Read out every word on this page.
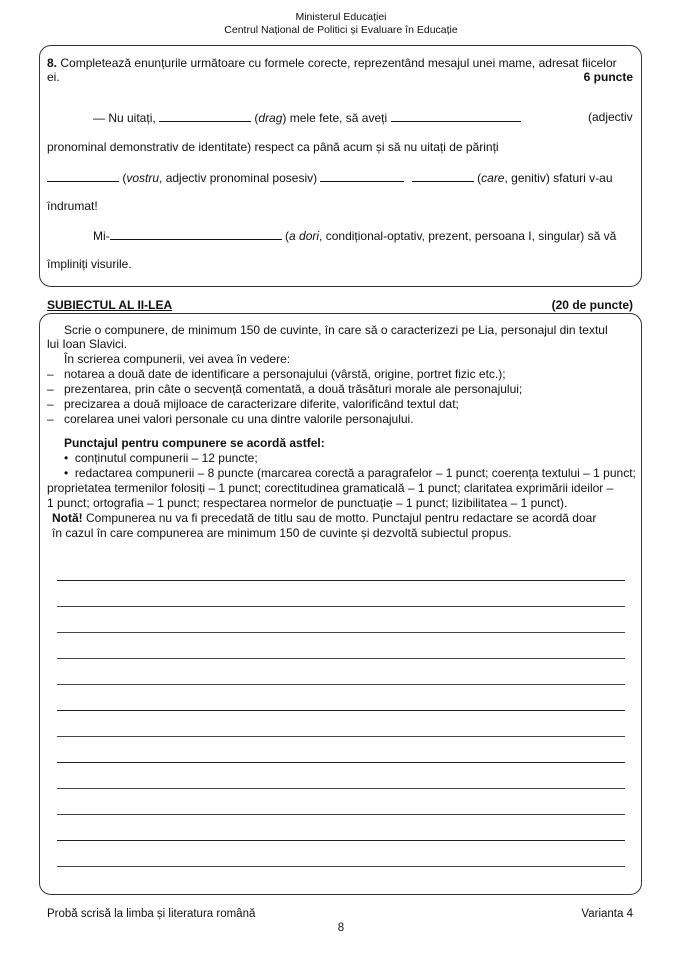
Ministerul Educației
Centrul Național de Politici și Evaluare în Educație
8. Completează enunțurile următoare cu formele corecte, reprezentând mesajul unei mame, adresat fiicelor
ei.	6 puncte
— Nu uitați,	(drag) mele fete, să aveți	(adjectiv
pronominal demonstrativ de identitate) respect ca până acum și să nu uitați de părinți
(vostru, adjectiv pronominal posesiv)	(care, genitiv) sfaturi v-au
îndrumat!
Mi-	(a dori, condițional-optativ, prezent, persoana I, singular) să vă
împliniți visurile.
SUBIECTUL AL II-LEA	(20 de puncte)
Scrie o compunere, de minimum 150 de cuvinte, în care să o caracterizezi pe Lia, personajul din textul
lui Ioan Slavici.
În scrierea compunerii, vei avea în vedere:
– notarea a două date de identificare a personajului (vârstă, origine, portret fizic etc.);
– prezentarea, prin câte o secvență comentată, a două trăsături morale ale personajului;
– precizarea a două mijloace de caracterizare diferite, valorificând textul dat;
– corelarea unei valori personale cu una dintre valorile personajului.
Punctajul pentru compunere se acordă astfel:
•  conținutul compunerii – 12 puncte;
•  redactarea compunerii – 8 puncte (marcarea corectă a paragrafelor – 1 punct; coerența textului – 1 punct;
proprietatea termenilor folosiți – 1 punct; corectitudinea gramaticală – 1 punct; claritatea exprimării ideilor –
1 punct; ortografia – 1 punct; respectarea normelor de punctuație – 1 punct; lizibilitatea – 1 punct).
Notă! Compunerea nu va fi precedată de titlu sau de motto. Punctajul pentru redactare se acordă doar
în cazul în care compunerea are minimum 150 de cuvinte și dezvoltă subiectul propus.
Probă scrisă la limba și literatura română	Varianta 4
8
